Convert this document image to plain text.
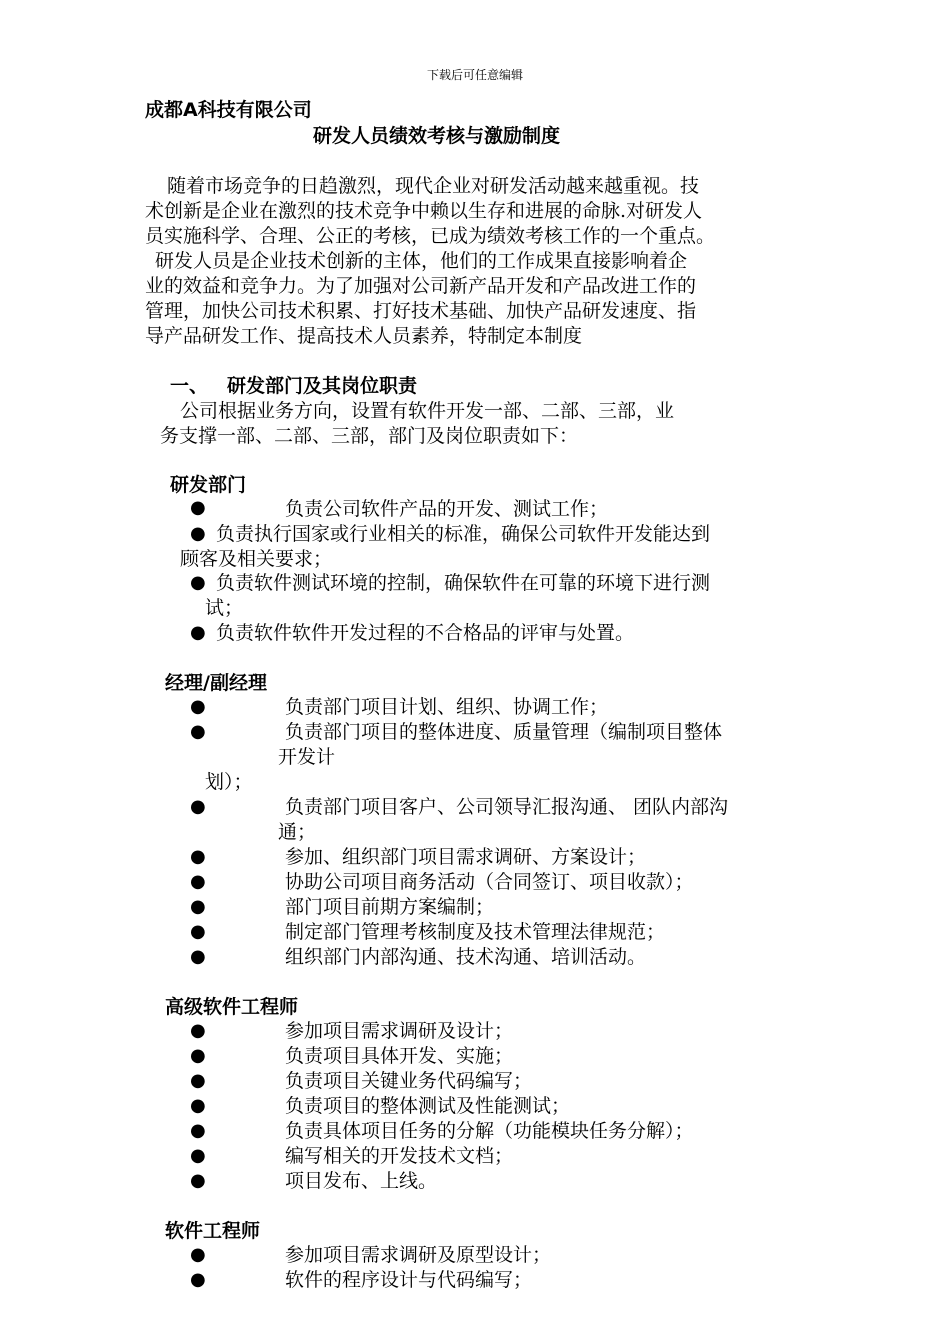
下载后可任意编辑
成都A科技有限公司
研发人员绩效考核与激励制度
随着市场竞争的日趋激烈，现代企业对研发活动越来越重视。技
术创新是企业在激烈的技术竞争中赖以生存和进展的命脉.对研发人
员实施科学、合理、公正的考核，已成为绩效考核工作的一个重点。
研发人员是企业技术创新的主体，他们的工作成果直接影响着企
业的效益和竞争力。为了加强对公司新产品开发和产品改进工作的
管理，加快公司技术积累、打好技术基础、加快产品研发速度、指
导产品研发工作、提高技术人员素养，特制定本制度
一、 研发部门及其岗位职责
公司根据业务方向，设置有软件开发一部、二部、三部，业
务支撑一部、二部、三部，部门及岗位职责如下：
研发部门
●	负责公司软件产品的开发、测试工作；
● 负责执行国家或行业相关的标准，确保公司软件开发能达到
顾客及相关要求；
● 负责软件测试环境的控制，确保软件在可靠的环境下进行测
试；
● 负责软件软件开发过程的不合格品的评审与处置。
经理/副经理
●	负责部门项目计划、组织、协调工作；
●	负责部门项目的整体进度、质量管理（编制项目整体
开发计
划）；
●	负责部门项目客户、公司领导汇报沟通、 团队内部沟
通；
●	参加、组织部门项目需求调研、方案设计；
●	协助公司项目商务活动（合同签订、项目收款）；
●	部门项目前期方案编制；
●	制定部门管理考核制度及技术管理法律规范；
●	组织部门内部沟通、技术沟通、培训活动。
高级软件工程师
●	参加项目需求调研及设计；
●	负责项目具体开发、实施；
●	负责项目关键业务代码编写；
●	负责项目的整体测试及性能测试；
●	负责具体项目任务的分解（功能模块任务分解）；
●	编写相关的开发技术文档；
●	项目发布、上线。
软件工程师
●	参加项目需求调研及原型设计；
●	软件的程序设计与代码编写；
